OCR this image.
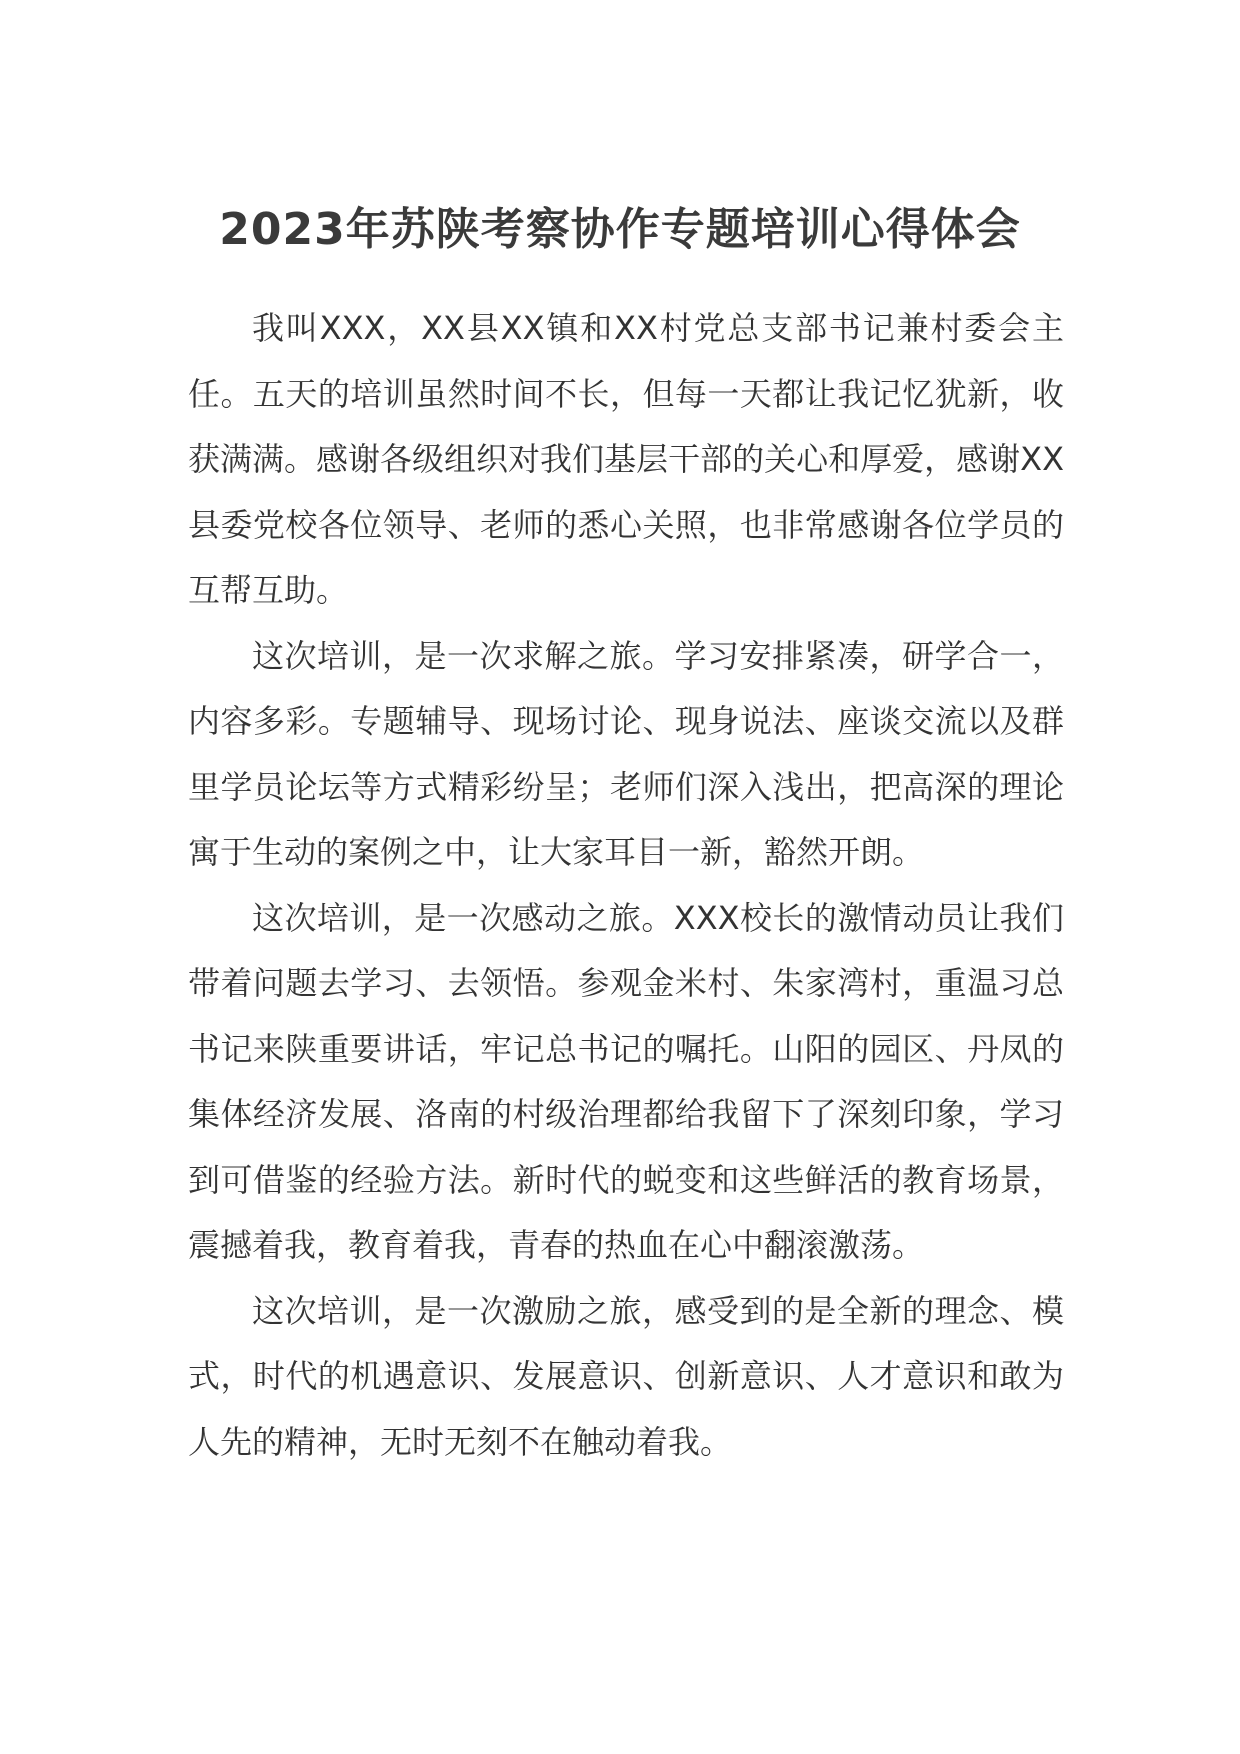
2023年苏陕考察协作专题培训心得体会

我叫XXX，XX县XX镇和XX村党总支部书记兼村委会主任。五天的培训虽然时间不长，但每一天都让我记忆犹新，收获满满。感谢各级组织对我们基层干部的关心和厚爱，感谢XX县委党校各位领导、老师的悉心关照，也非常感谢各位学员的互帮互助。

这次培训，是一次求解之旅。学习安排紧凑，研学合一，内容多彩。专题辅导、现场讨论、现身说法、座谈交流以及群里学员论坛等方式精彩纷呈；老师们深入浅出，把高深的理论寓于生动的案例之中，让大家耳目一新，豁然开朗。

这次培训，是一次感动之旅。XXX校长的激情动员让我们带着问题去学习、去领悟。参观金米村、朱家湾村，重温习总书记来陕重要讲话，牢记总书记的嘱托。山阳的园区、丹凤的集体经济发展、洛南的村级治理都给我留下了深刻印象，学习到可借鉴的经验方法。新时代的蜕变和这些鲜活的教育场景，震撼着我，教育着我，青春的热血在心中翻滚激荡。

这次培训，是一次激励之旅，感受到的是全新的理念、模式，时代的机遇意识、发展意识、创新意识、人才意识和敢为人先的精神，无时无刻不在触动着我。
